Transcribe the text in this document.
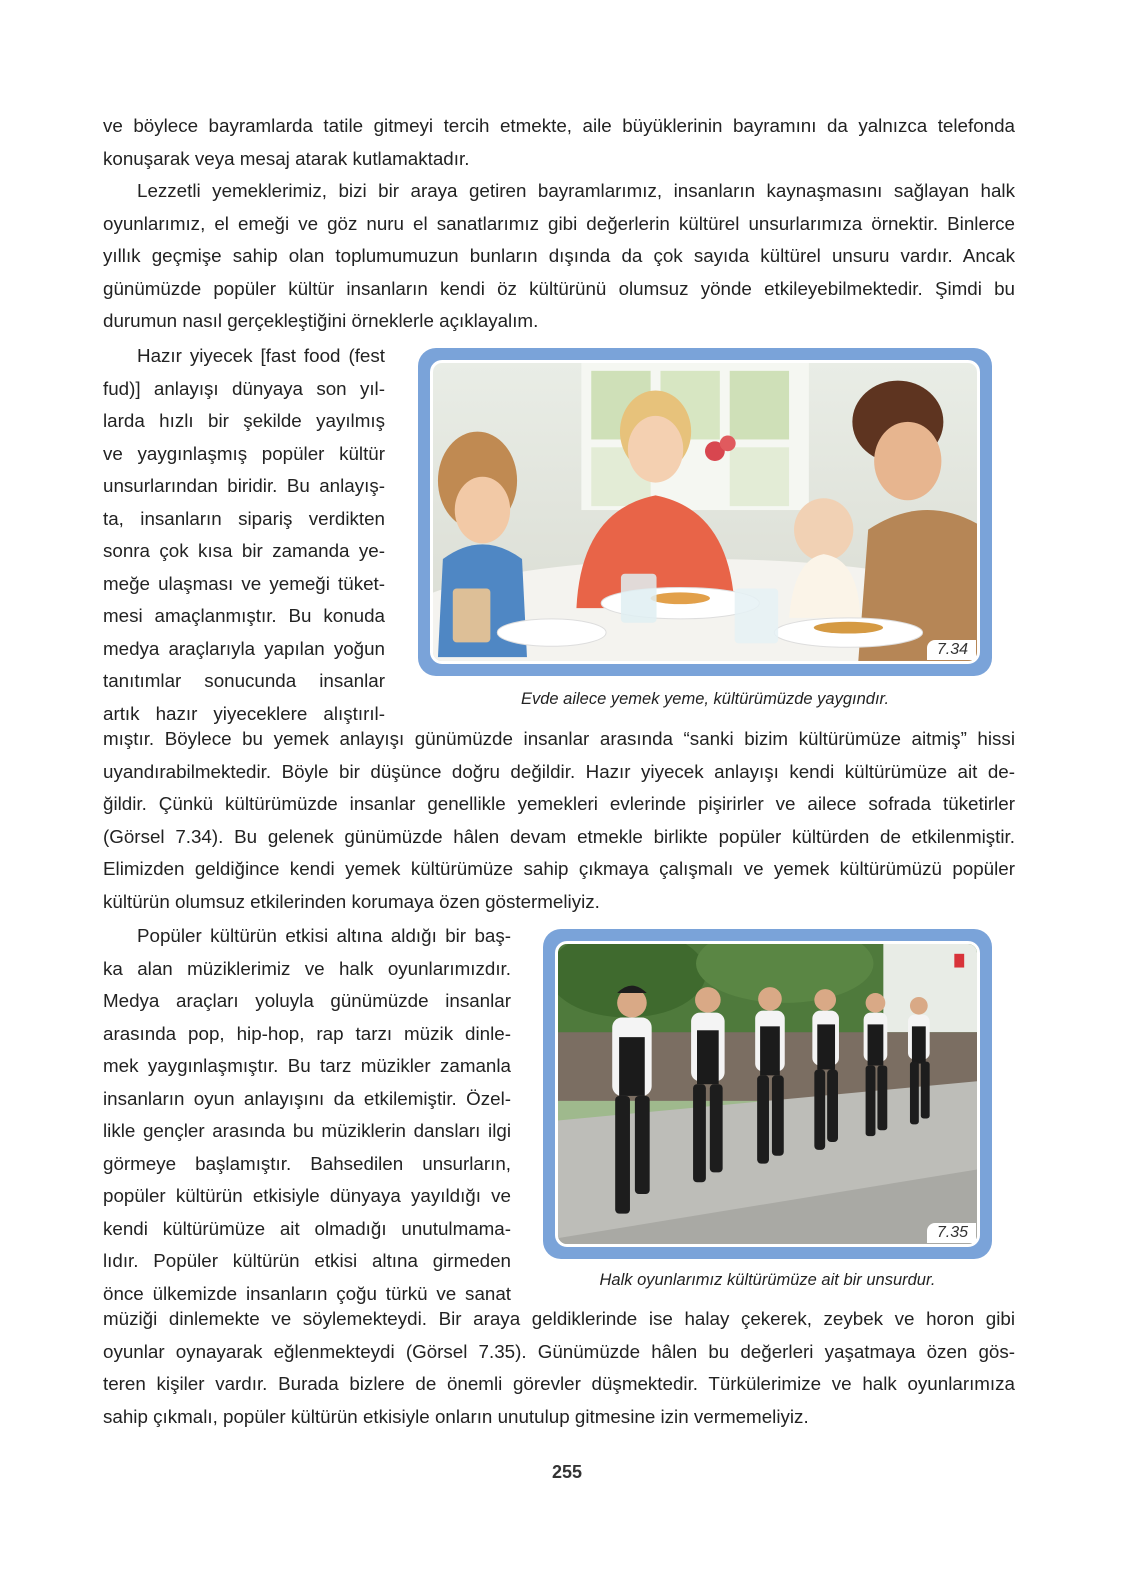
ve böylece bayramlarda tatile gitmeyi tercih etmekte, aile büyüklerinin bayramını da yalnızca telefonda
konuşarak veya mesaj atarak kutlamaktadır.
Lezzetli yemeklerimiz, bizi bir araya getiren bayramlarımız, insanların kaynaşmasını sağlayan halk
oyunlarımız, el emeği ve göz nuru el sanatlarımız gibi değerlerin kültürel unsurlarımıza örnektir. Binlerce
yıllık geçmişe sahip olan toplumumuzun bunların dışında da çok sayıda kültürel unsuru vardır. Ancak
günümüzde popüler kültür insanların kendi öz kültürünü olumsuz yönde etkileyebilmektedir. Şimdi bu
durumun nasıl gerçekleştiğini örneklerle açıklayalım.
Hazır yiyecek [fast food (fest
fud)] anlayışı dünyaya son yıl-
larda hızlı bir şekilde yayılmış
ve yaygınlaşmış popüler kültür
unsurlarından biridir. Bu anlayış-
ta, insanların sipariş verdikten
sonra çok kısa bir zamanda ye-
meğe ulaşması ve yemeği tüket-
mesi amaçlanmıştır. Bu konuda
medya araçlarıyla yapılan yoğun
tanıtımlar sonucunda insanlar
artık hazır yiyeceklere alıştırıl-
7.34
Evde ailece yemek yeme, kültürümüzde yaygındır.
mıştır. Böylece bu yemek anlayışı günümüzde insanlar arasında “sanki bizim kültürümüze aitmiş” hissi
uyandırabilmektedir. Böyle bir düşünce doğru değildir. Hazır yiyecek anlayışı kendi kültürümüze ait de-
ğildir. Çünkü kültürümüzde insanlar genellikle yemekleri evlerinde pişirirler ve ailece sofrada tüketirler
(Görsel 7.34). Bu gelenek günümüzde hâlen devam etmekle birlikte popüler kültürden de etkilenmiştir.
Elimizden geldiğince kendi yemek kültürümüze sahip çıkmaya çalışmalı ve yemek kültürümüzü popüler
kültürün olumsuz etkilerinden korumaya özen göstermeliyiz.
Popüler kültürün etkisi altına aldığı bir baş-
ka alan müziklerimiz ve halk oyunlarımızdır.
Medya araçları yoluyla günümüzde insanlar
arasında pop, hip-hop, rap tarzı müzik dinle-
mek yaygınlaşmıştır. Bu tarz müzikler zamanla
insanların oyun anlayışını da etkilemiştir. Özel-
likle gençler arasında bu müziklerin dansları ilgi
görmeye başlamıştır. Bahsedilen unsurların,
popüler kültürün etkisiyle dünyaya yayıldığı ve
kendi kültürümüze ait olmadığı unutulmama-
lıdır. Popüler kültürün etkisi altına girmeden
önce ülkemizde insanların çoğu türkü ve sanat
7.35
Halk oyunlarımız kültürümüze ait bir unsurdur.
müziği dinlemekte ve söylemekteydi. Bir araya geldiklerinde ise halay çekerek, zeybek ve horon gibi
oyunlar oynayarak eğlenmekteydi (Görsel 7.35). Günümüzde hâlen bu değerleri yaşatmaya özen gös-
teren kişiler vardır. Burada bizlere de önemli görevler düşmektedir. Türkülerimize ve halk oyunlarımıza
sahip çıkmalı, popüler kültürün etkisiyle onların unutulup gitmesine izin vermemeliyiz.
255
